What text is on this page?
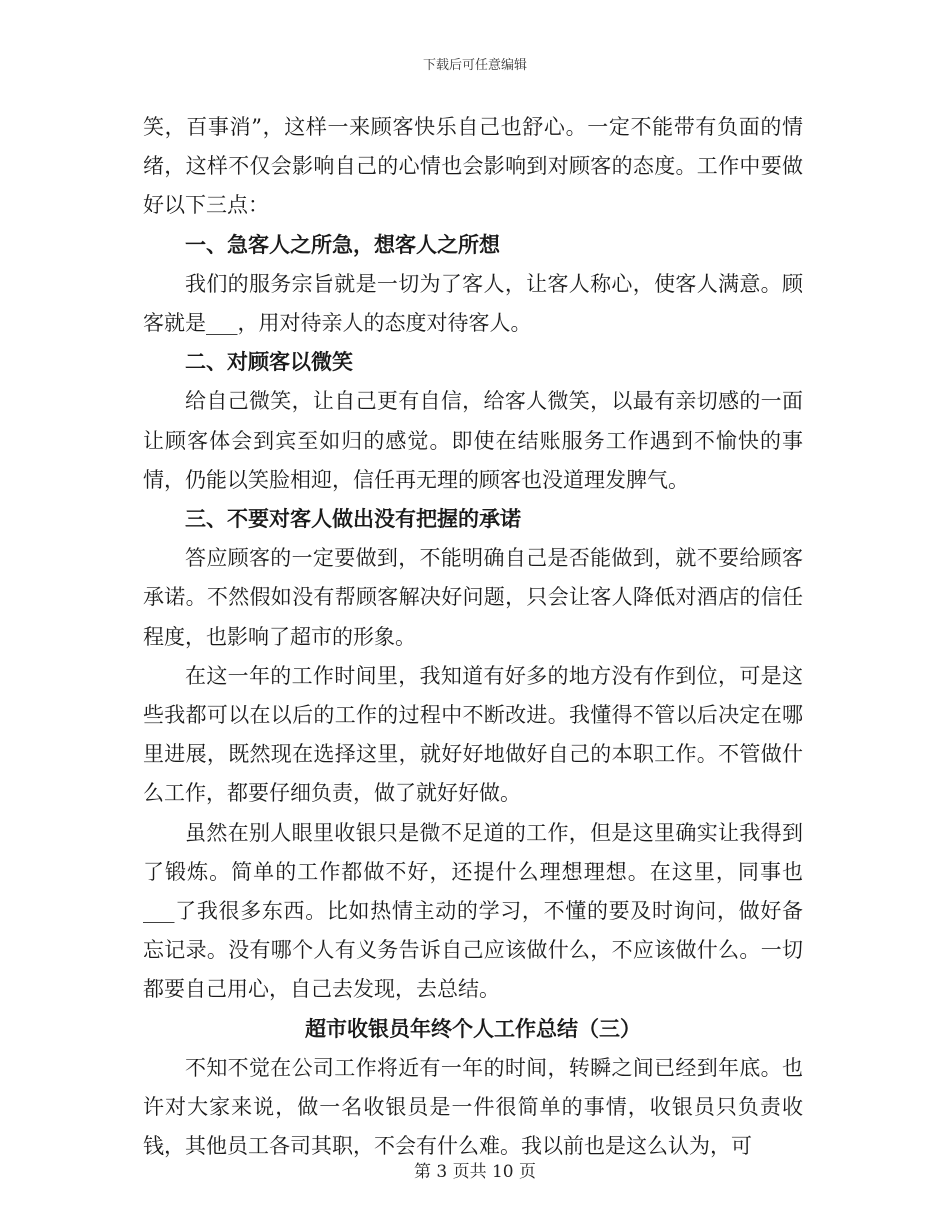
下载后可任意编辑

笑，百事消”，这样一来顾客快乐自己也舒心。一定不能带有负面的情绪，这样不仅会影响自己的心情也会影响到对顾客的态度。工作中要做好以下三点：

一、急客人之所急，想客人之所想

我们的服务宗旨就是一切为了客人，让客人称心，使客人满意。顾客就是___，用对待亲人的态度对待客人。

二、对顾客以微笑

给自己微笑，让自己更有自信，给客人微笑，以最有亲切感的一面让顾客体会到宾至如归的感觉。即使在结账服务工作遇到不愉快的事情，仍能以笑脸相迎，信任再无理的顾客也没道理发脾气。

三、不要对客人做出没有把握的承诺

答应顾客的一定要做到，不能明确自己是否能做到，就不要给顾客承诺。不然假如没有帮顾客解决好问题，只会让客人降低对酒店的信任程度，也影响了超市的形象。

在这一年的工作时间里，我知道有好多的地方没有作到位，可是这些我都可以在以后的工作的过程中不断改进。我懂得不管以后决定在哪里进展，既然现在选择这里，就好好地做好自己的本职工作。不管做什么工作，都要仔细负责，做了就好好做。

虽然在别人眼里收银只是微不足道的工作，但是这里确实让我得到了锻炼。简单的工作都做不好，还提什么理想理想。在这里，同事也___了我很多东西。比如热情主动的学习，不懂的要及时询问，做好备忘记录。没有哪个人有义务告诉自己应该做什么，不应该做什么。一切都要自己用心，自己去发现，去总结。

超市收银员年终个人工作总结（三）

不知不觉在公司工作将近有一年的时间，转瞬之间已经到年底。也许对大家来说，做一名收银员是一件很简单的事情，收银员只负责收钱，其他员工各司其职，不会有什么难。我以前也是这么认为，可

第 3 页共 10 页
